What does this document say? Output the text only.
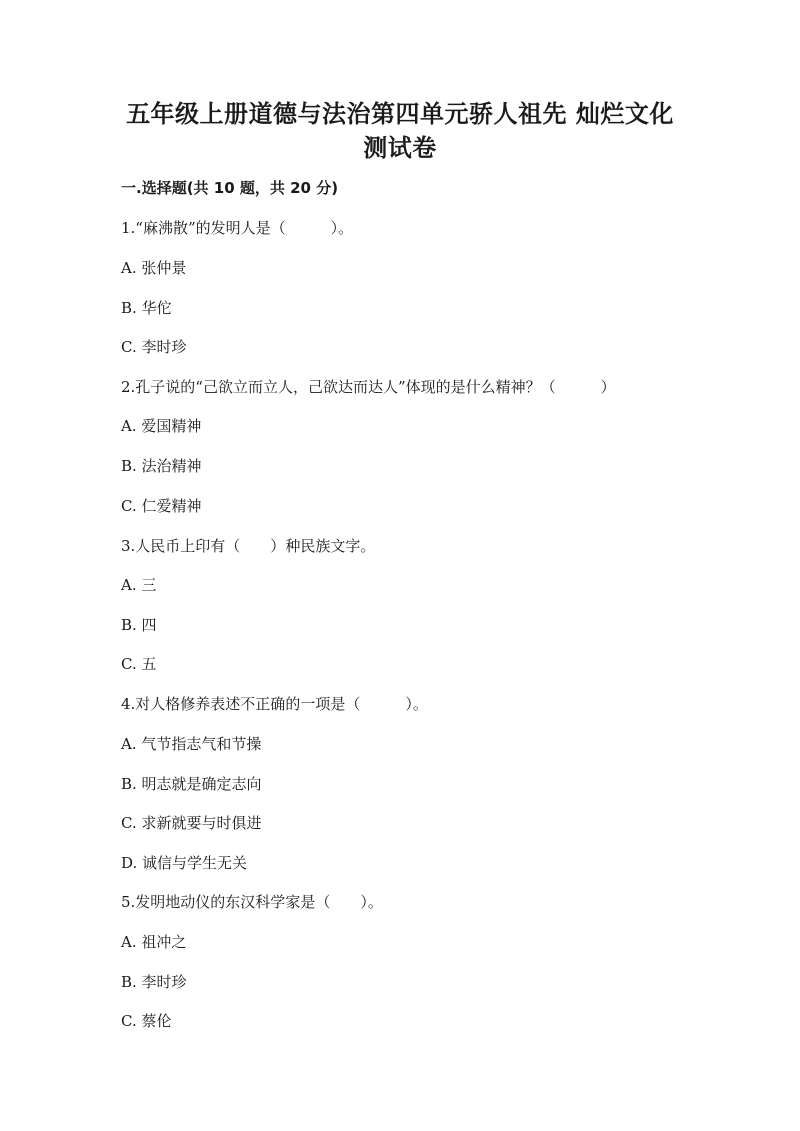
五年级上册道德与法治第四单元骄人祖先 灿烂文化
测试卷
一.选择题(共 10 题，共 20 分)
1.“麻沸散”的发明人是（　　　）。
A. 张仲景
B. 华佗
C. 李时珍
2.孔子说的“己欲立而立人，己欲达而达人”体现的是什么精神？（　　　）
A. 爱国精神
B. 法治精神
C. 仁爱精神
3.人民币上印有（　　）种民族文字。
A. 三
B. 四
C. 五
4.对人格修养表述不正确的一项是（　　　）。
A. 气节指志气和节操
B. 明志就是确定志向
C. 求新就要与时俱进
D. 诚信与学生无关
5.发明地动仪的东汉科学家是（　　）。
A. 祖冲之
B. 李时珍
C. 蔡伦
